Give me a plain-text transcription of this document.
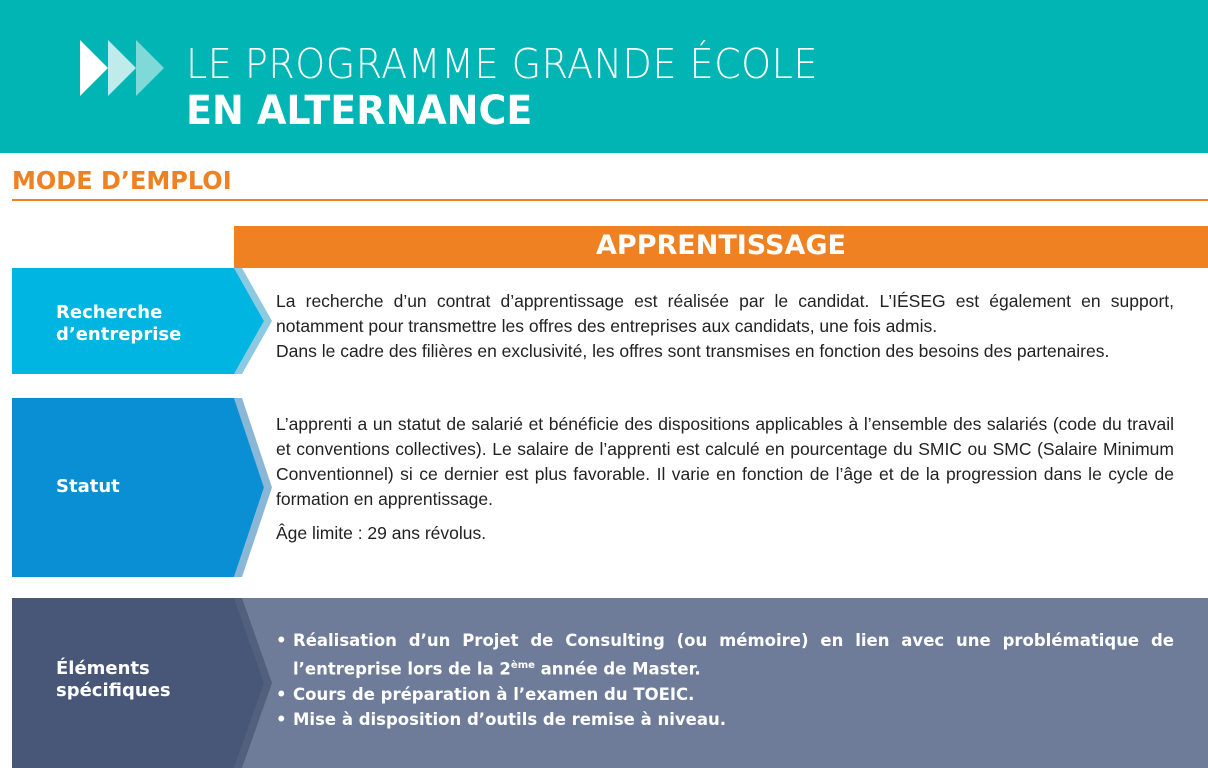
LE PROGRAMME GRANDE ÉCOLE
EN ALTERNANCE
MODE D’EMPLOI
APPRENTISSAGE
Recherche
d’entreprise

La recherche d’un contrat d’apprentissage est réalisée par le candidat. L’IÉSEG est également en support, notamment pour transmettre les offres des entreprises aux candidats, une fois admis.

Dans le cadre des filières en exclusivité, les offres sont transmises en fonction des besoins des partenaires.

Statut

L’apprenti a un statut de salarié et bénéficie des dispositions applicables à l’ensemble des salariés (code du travail et conventions collectives). Le salaire de l’apprenti est calculé en pourcentage du SMIC ou SMC (Salaire Minimum Conventionnel) si ce dernier est plus favorable. Il varie en fonction de l’âge et de la progression dans le cycle de formation en apprentissage.

Âge limite : 29 ans révolus.

Éléments
spécifiques
• Réalisation d’un Projet de Consulting (ou mémoire) en lien avec une problématique de l’entreprise lors de la 2ème année de Master.
• Cours de préparation à l’examen du TOEIC.
• Mise à disposition d’outils de remise à niveau.
